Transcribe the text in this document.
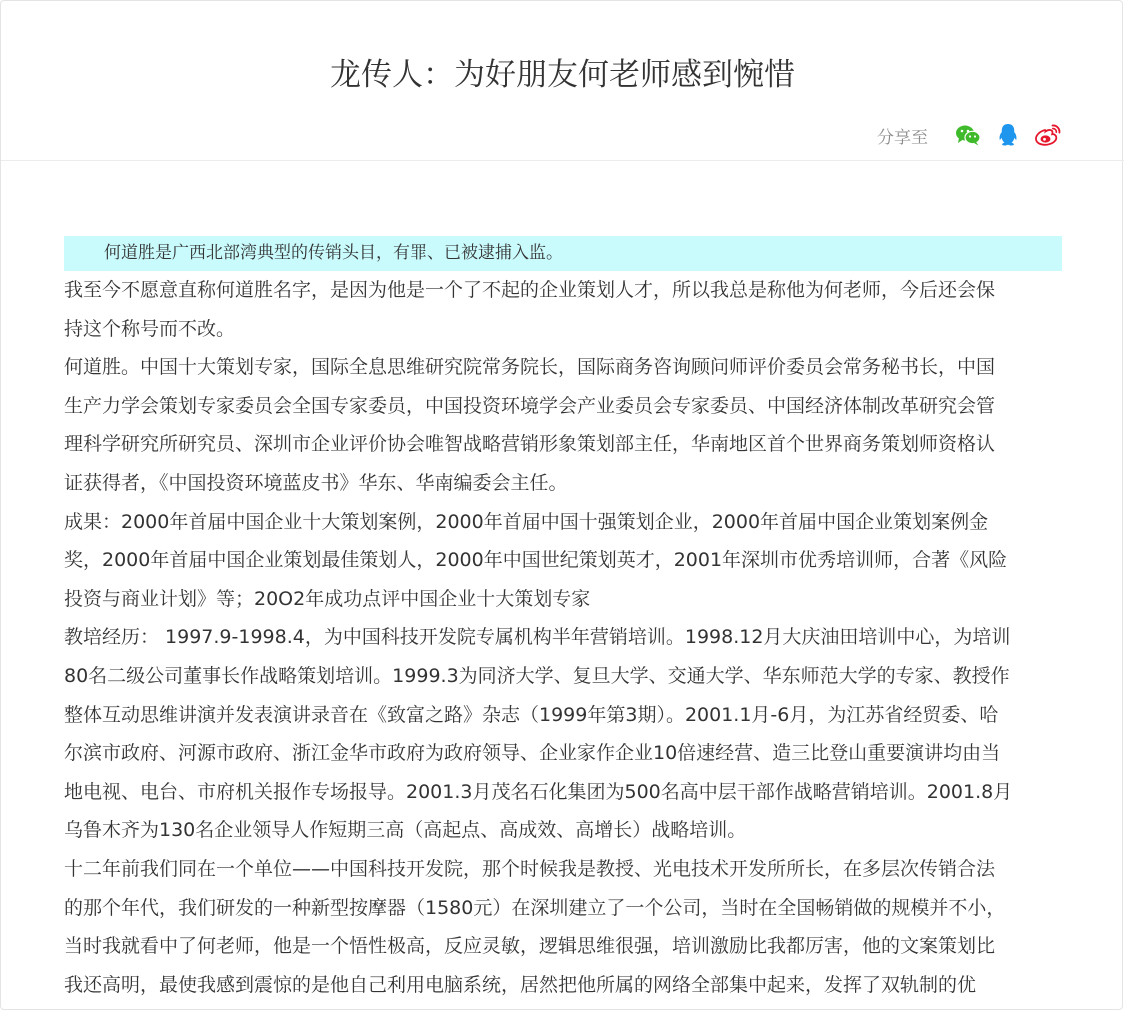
龙传人：为好朋友何老师感到惋惜
分享至

何道胜是广西北部湾典型的传销头目，有罪、已被逮捕入监。

我至今不愿意直称何道胜名字，是因为他是一个了不起的企业策划人才，所以我总是称他为何老师，今后还会保
持这个称号而不改。

何道胜。中国十大策划专家，国际全息思维研究院常务院长，国际商务咨询顾问师评价委员会常务秘书长，中国
生产力学会策划专家委员会全国专家委员，中国投资环境学会产业委员会专家委员、中国经济体制改革研究会管
理科学研究所研究员、深圳市企业评价协会唯智战略营销形象策划部主任，华南地区首个世界商务策划师资格认
证获得者，《中国投资环境蓝皮书》华东、华南编委会主任。

成果：2000年首届中国企业十大策划案例，2000年首届中国十强策划企业，2000年首届中国企业策划案例金
奖，2000年首届中国企业策划最佳策划人，2000年中国世纪策划英才，2001年深圳市优秀培训师，合著《风险
投资与商业计划》等；20O2年成功点评中国企业十大策划专家

教培经历： 1997.9-1998.4，为中国科技开发院专属机构半年营销培训。1998.12月大庆油田培训中心，为培训
80名二级公司董事长作战略策划培训。1999.3为同济大学、复旦大学、交通大学、华东师范大学的专家、教授作
整体互动思维讲演并发表演讲录音在《致富之路》杂志（1999年第3期）。2001.1月-6月，为江苏省经贸委、哈
尔滨市政府、河源市政府、浙江金华市政府为政府领导、企业家作企业10倍速经营、造三比登山重要演讲均由当
地电视、电台、市府机关报作专场报导。2001.3月茂名石化集团为500名高中层干部作战略营销培训。2001.8月
乌鲁木齐为130名企业领导人作短期三高（高起点、高成效、高增长）战略培训。

十二年前我们同在一个单位——中国科技开发院，那个时候我是教授、光电技术开发所所长，在多层次传销合法
的那个年代，我们研发的一种新型按摩器（1580元）在深圳建立了一个公司，当时在全国畅销做的规模并不小，
当时我就看中了何老师，他是一个悟性极高，反应灵敏，逻辑思维很强，培训激励比我都厉害，他的文案策划比
我还高明，最使我感到震惊的是他自己利用电脑系统，居然把他所属的网络全部集中起来，发挥了双轨制的优
